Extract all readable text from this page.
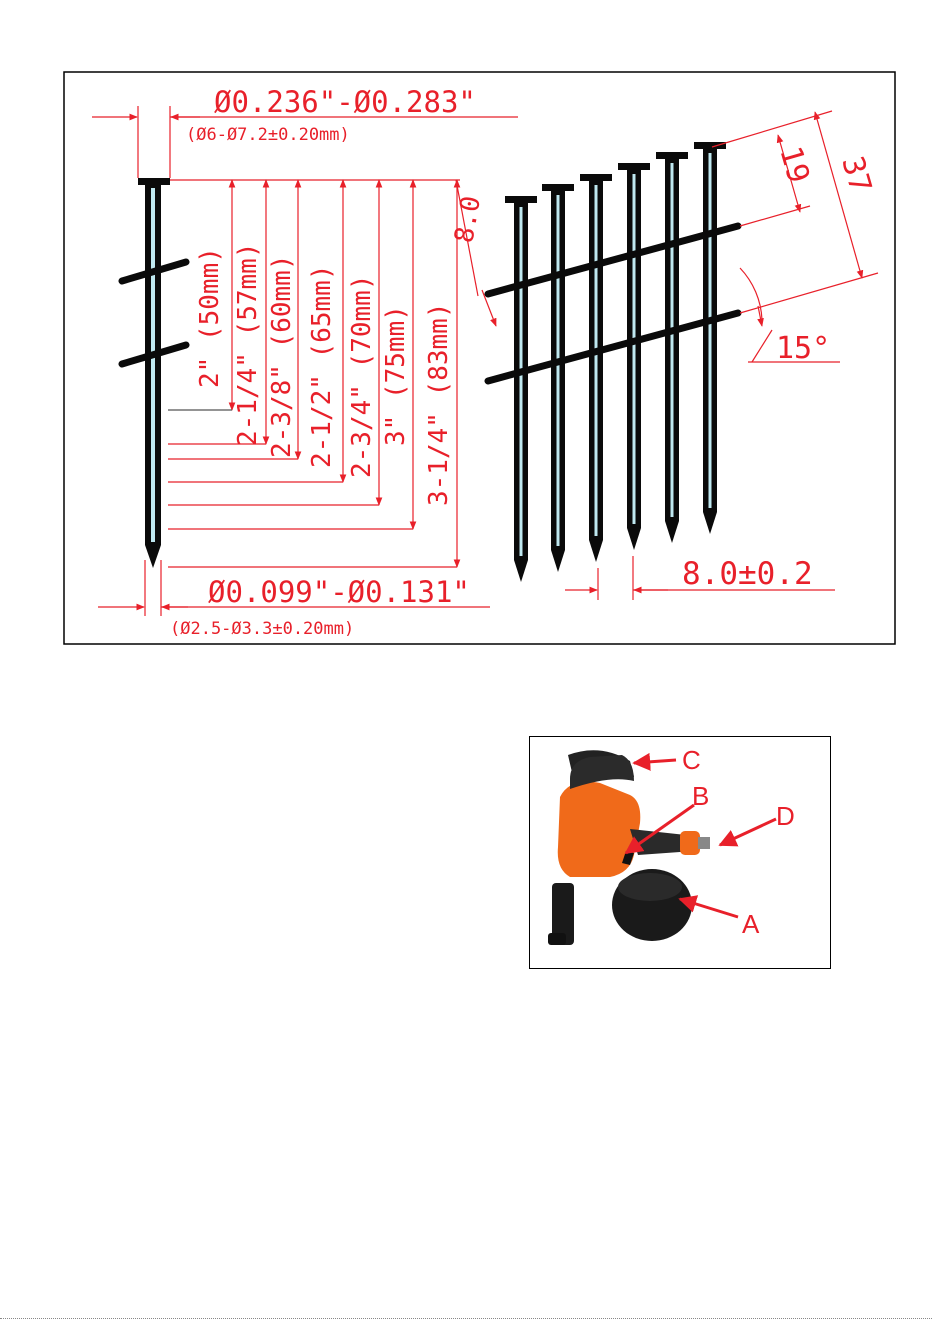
Ø0.236"-Ø0.283"
(Ø6-Ø7.2±0.20mm)
2" (50mm) 2-1/4" (57mm) 2-3/8" (60mm) 2-1/2" (65mm) 2-3/4" (70mm) 3" (75mm) 3-1/4" (83mm)
Ø0.099"-Ø0.131"
(Ø2.5-Ø3.3±0.20mm)
8.0
19 37
15°
8.0±0.2
C
B
D
A
